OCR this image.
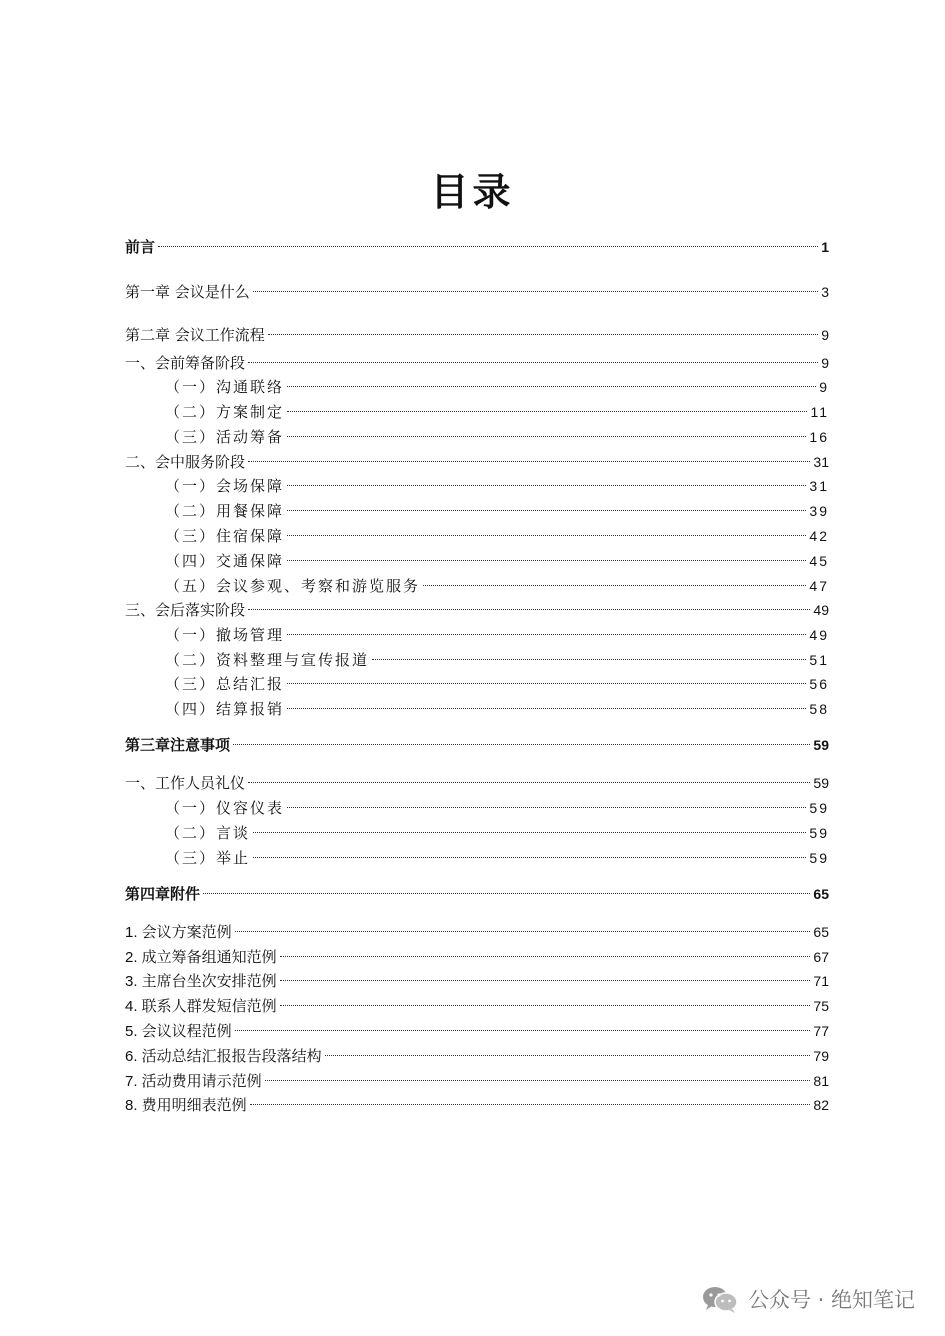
目录
前言	1
第一章 会议是什么	3
第二章 会议工作流程	9
一、会前筹备阶段	9
（一）沟通联络	9
（二）方案制定	11
（三）活动筹备	16
二、会中服务阶段	31
（一）会场保障	31
（二）用餐保障	39
（三）住宿保障	42
（四）交通保障	45
（五）会议参观、考察和游览服务	47
三、会后落实阶段	49
（一）撤场管理	49
（二）资料整理与宣传报道	51
（三）总结汇报	56
（四）结算报销	58
第三章注意事项	59
一、工作人员礼仪	59
（一）仪容仪表	59
（二）言谈	59
（三）举止	59
第四章附件	65
1. 会议方案范例	65
2. 成立筹备组通知范例	67
3. 主席台坐次安排范例	71
4. 联系人群发短信范例	75
5. 会议议程范例	77
6. 活动总结汇报报告段落结构	79
7. 活动费用请示范例	81
8. 费用明细表范例	82
公众号 · 绝知笔记
